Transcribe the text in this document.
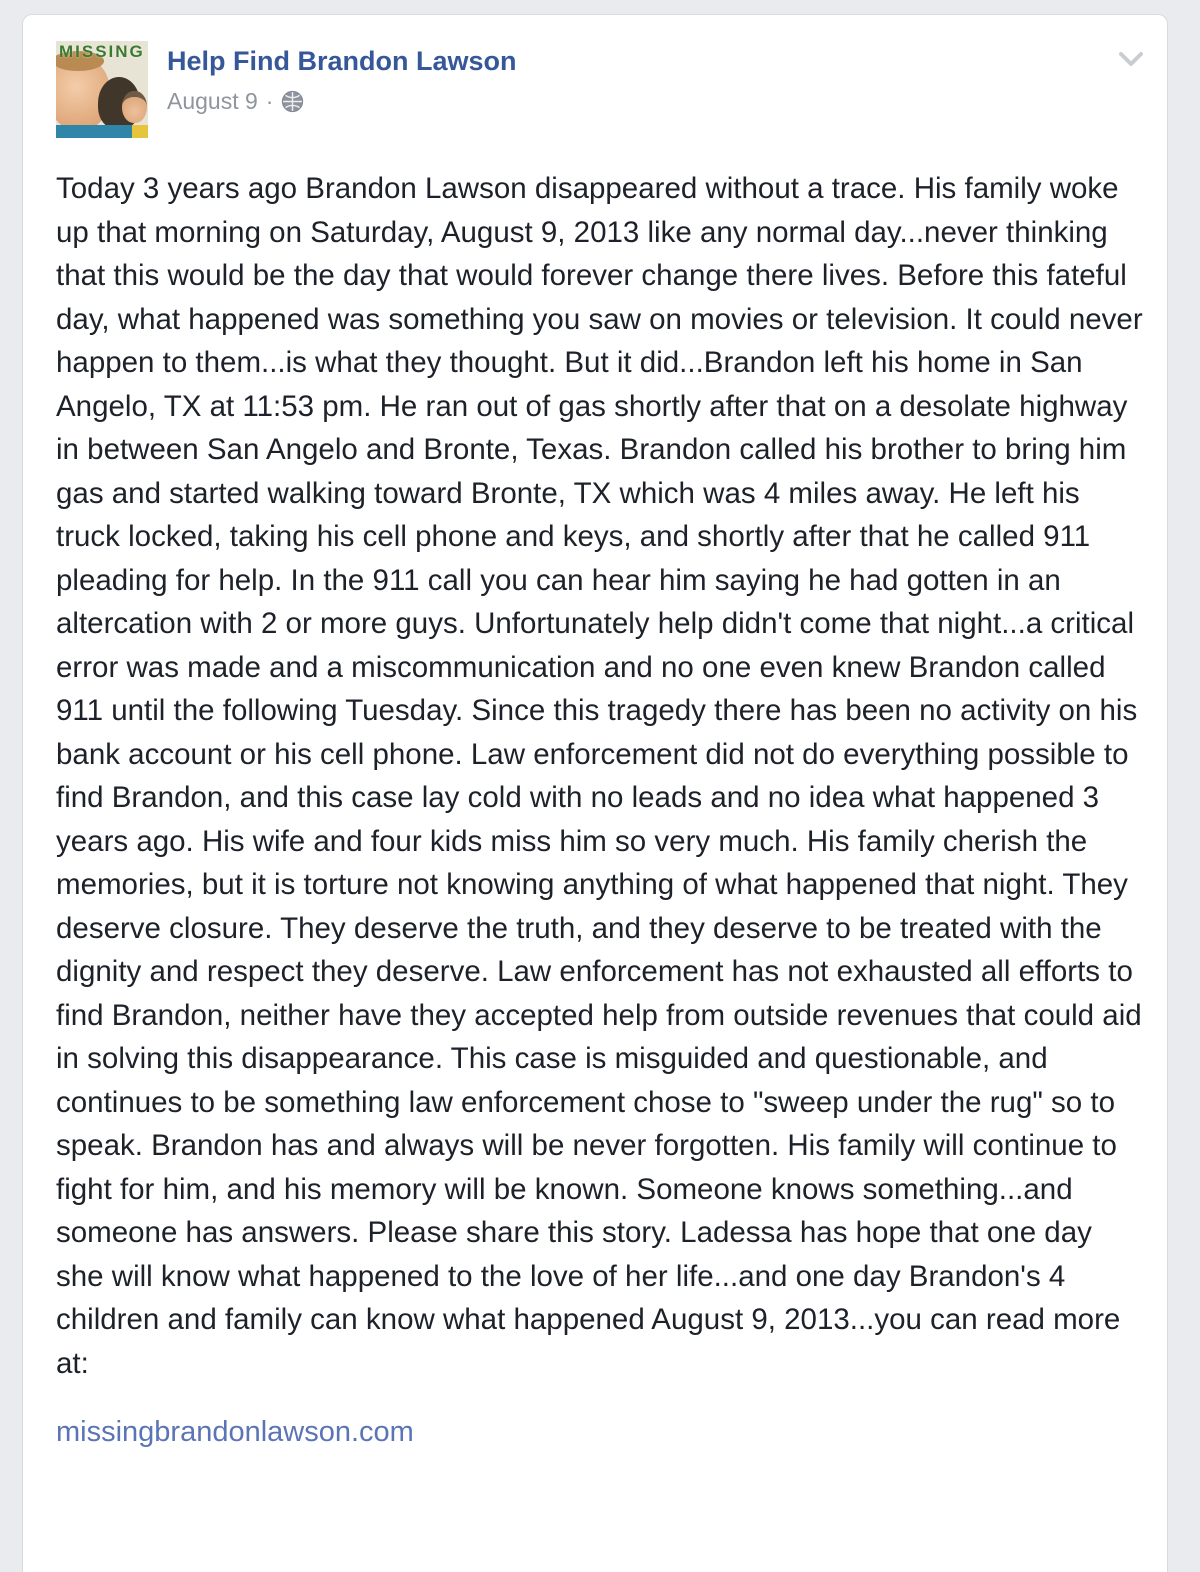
MISSING Help Find Brandon Lawson
August 9 ·
Today 3 years ago Brandon Lawson disappeared without a trace. His family woke up that morning on Saturday, August 9, 2013 like any normal day...never thinking that this would be the day that would forever change there lives. Before this fateful day, what happened was something you saw on movies or television. It could never happen to them...is what they thought. But it did...Brandon left his home in San Angelo, TX at 11:53 pm. He ran out of gas shortly after that on a desolate highway in between San Angelo and Bronte, Texas. Brandon called his brother to bring him gas and started walking toward Bronte, TX which was 4 miles away. He left his truck locked, taking his cell phone and keys, and shortly after that he called 911 pleading for help. In the 911 call you can hear him saying he had gotten in an altercation with 2 or more guys. Unfortunately help didn't come that night...a critical error was made and a miscommunication and no one even knew Brandon called 911 until the following Tuesday. Since this tragedy there has been no activity on his bank account or his cell phone. Law enforcement did not do everything possible to find Brandon, and this case lay cold with no leads and no idea what happened 3 years ago. His wife and four kids miss him so very much. His family cherish the memories, but it is torture not knowing anything of what happened that night. They deserve closure. They deserve the truth, and they deserve to be treated with the dignity and respect they deserve. Law enforcement has not exhausted all efforts to find Brandon, neither have they accepted help from outside revenues that could aid in solving this disappearance. This case is misguided and questionable, and continues to be something law enforcement chose to "sweep under the rug" so to speak. Brandon has and always will be never forgotten. His family will continue to fight for him, and his memory will be known. Someone knows something...and someone has answers. Please share this story. Ladessa has hope that one day she will know what happened to the love of her life...and one day Brandon's 4 children and family can know what happened August 9, 2013...you can read more at:
missingbrandonlawson.com
